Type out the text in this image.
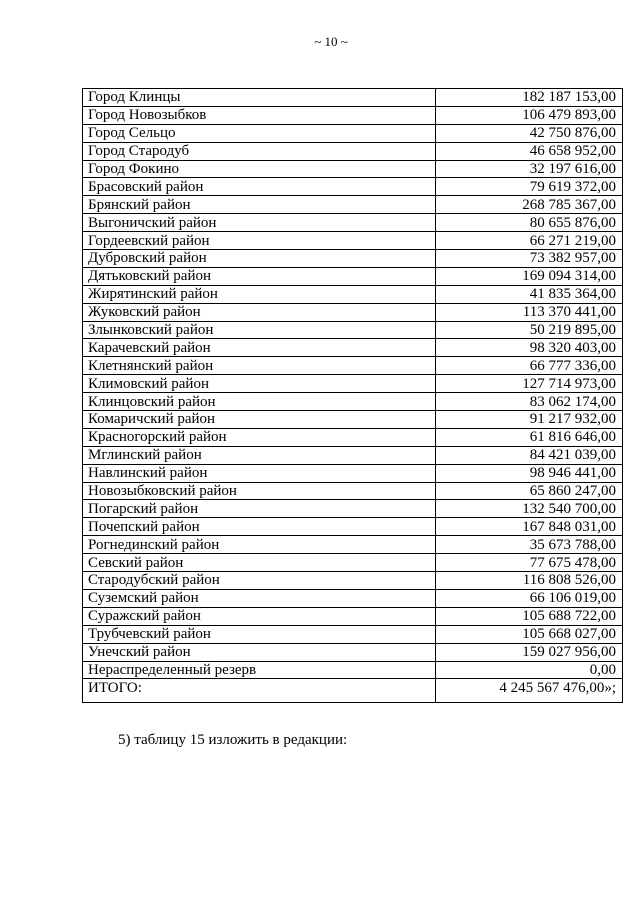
~ 10 ~
Город Клинцы	182 187 153,00
Город Новозыбков	106 479 893,00
Город Сельцо	42 750 876,00
Город Стародуб	46 658 952,00
Город Фокино	32 197 616,00
Брасовский район	79 619 372,00
Брянский район	268 785 367,00
Выгоничский район	80 655 876,00
Гордеевский район	66 271 219,00
Дубровский район	73 382 957,00
Дятьковский район	169 094 314,00
Жирятинский район	41 835 364,00
Жуковский район	113 370 441,00
Злынковский район	50 219 895,00
Карачевский район	98 320 403,00
Клетнянский район	66 777 336,00
Климовский район	127 714 973,00
Клинцовский район	83 062 174,00
Комаричский район	91 217 932,00
Красногорский район	61 816 646,00
Мглинский район	84 421 039,00
Навлинский район	98 946 441,00
Новозыбковский район	65 860 247,00
Погарский район	132 540 700,00
Почепский район	167 848 031,00
Рогнединский район	35 673 788,00
Севский район	77 675 478,00
Стародубский район	116 808 526,00
Суземский район	66 106 019,00
Суражский район	105 688 722,00
Трубчевский район	105 668 027,00
Унечский район	159 027 956,00
Нераспределенный резерв	0,00
ИТОГО:	4 245 567 476,00»;
5) таблицу 15 изложить в редакции:
